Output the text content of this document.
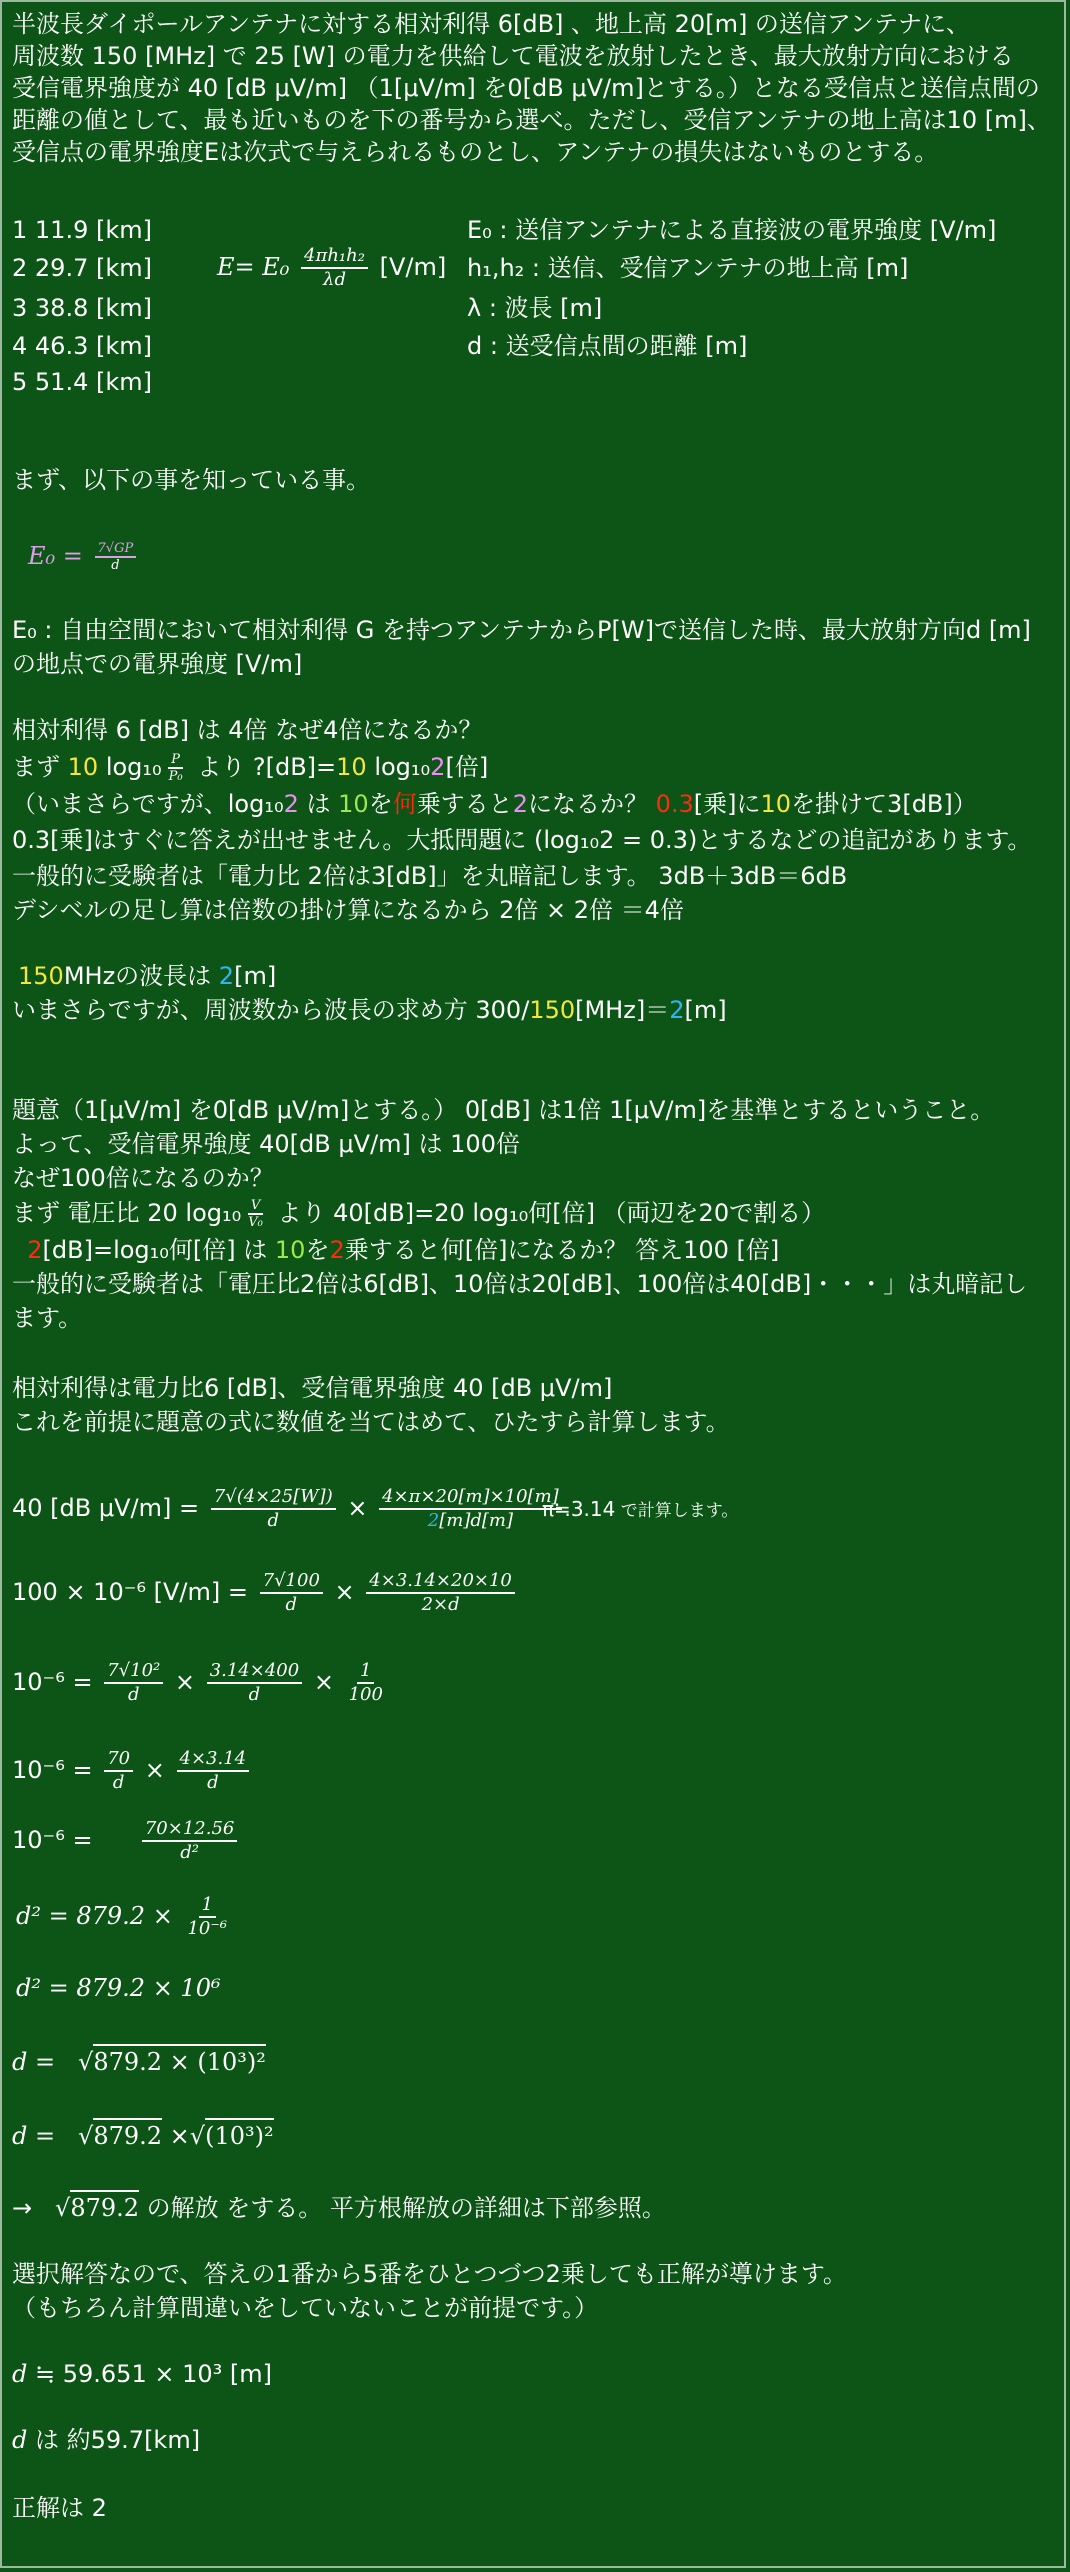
半波長ダイポールアンテナに対する相対利得 6[dB] 、地上高 20[m] の送信アンテナに、
周波数 150 [MHz] で 25 [W] の電力を供給して電波を放射したとき、最大放射方向における
受信電界強度が 40 [dB μV/m] （1[μV/m] を0[dB μV/m]とする。）となる受信点と送信点間の
距離の値として、最も近いものを下の番号から選べ。ただし、受信アンテナの地上高は10 [m]、
受信点の電界強度Eは次式で与えられるものとし、アンテナの損失はないものとする。
1 11.9 [km]
2 29.7 [km]
3 38.8 [km]
4 46.3 [km]
5 51.4 [km]
$E= E_0 \frac{\text{4πh₁h₂}}{\lambda d} [V/m]$
E₀ : 送信アンテナによる直接波の電界強度 [V/m]
h₁,h₂ : 送信、受信アンテナの地上高 [m]
λ : 波長 [m]
d : 送受信点間の距離 [m]
まず、以下の事を知っている事。
$E_0 = \frac{7√GP}{d}$
E₀ : 自由空間において相対利得 G を持つアンテナからP[W]で送信した時、最大放射方向d [m]
の地点での電界強度 [V/m]
相対利得 6 [dB] は 4倍 なぜ4倍になるか？
まず 10 $\log_{10} \frac{P}{\text{P₀}}$ より ?[dB]=10 log₁₀2[倍]
（いまさらですが、log₁₀2 は 10を何乗すると2になるか？ 0.3[乗]に10を掛けて3[dB]）
0.3[乗]はすぐに答えが出せません。大抵問題に (log₁₀2 = 0.3)とするなどの追記があります。
一般的に受験者は「電力比 2倍は3[dB]」を丸暗記します。 3dB＋3dB＝6dB
デシベルの足し算は倍数の掛け算になるから 2倍 × 2倍 ＝4倍
150MHzの波長は 2[m]
いまさらですが、周波数から波長の求め方 300/150[MHz]＝2[m]
題意（1[μV/m] を0[dB μV/m]とする。） 0[dB] は1倍 1[μV/m]を基準とするということ。
よって、受信電界強度 40[dB μV/m] は 100倍
なぜ100倍になるのか？
まず 電圧比 20 $\log_{10} \frac{V}{\text{V₀}}$ より 40[dB]=20 log₁₀何[倍] （両辺を20で割る）
2[dB]=log₁₀何[倍] は 10を2乗すると何[倍]になるか？ 答え100 [倍]
一般的に受験者は「電圧比2倍は6[dB]、10倍は20[dB]、100倍は40[dB]・・・」は丸暗記し
ます。
相対利得は電力比6 [dB]、受信電界強度 40 [dB μV/m]
これを前提に題意の式に数値を当てはめて、ひたすら計算します。
40 [dB $\mu V/m] = \frac{7√(4\times 25[W])}{d} \times \frac{4\times\pi\times 20[m]\times 10[m]}{2[m]d[m]}$
π≒3.14 で計算します。
100 × 10⁻⁶ $[V/m] = \frac{7√100}{d} \times \frac{4\times 3.14\times 20\times 10}{2\times d}$
$10^{-6} = \frac{\text{7√10²}}{d} \times \frac{3.14\times 400}{d} \times \frac{1}{100}$
$10^{-6} = \frac{70}{d} \times \frac{4\times 3.14}{d}$
10⁻⁶ =	$\frac{70\times 12.56}{\text{d²}}$
$d^2 = 879.2 \times \frac{1}{\text{10⁻⁶}}$
d² = 879.2 × 10⁶
d =   √879.2 × (10³)²
d =   √879.2 ×√(10³)²
→   √879.2 の解放 をする。 平方根解放の詳細は下部参照。
選択解答なので、答えの1番から5番をひとつづつ2乗しても正解が導けます。
（もちろん計算間違いをしていないことが前提です。）
d ≒ 59.651 × 10³ [m]
d は 約59.7[km]
正解は 2
